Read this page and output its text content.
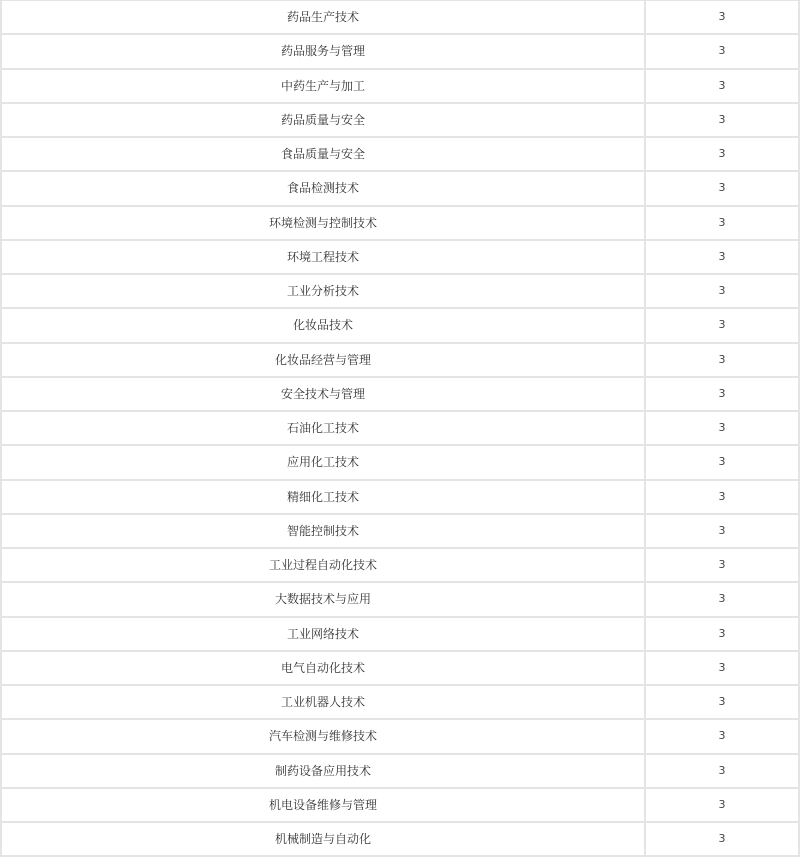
药品生产技术	3
药品服务与管理	3
中药生产与加工	3
药品质量与安全	3
食品质量与安全	3
食品检测技术	3
环境检测与控制技术	3
环境工程技术	3
工业分析技术	3
化妆品技术	3
化妆品经营与管理	3
安全技术与管理	3
石油化工技术	3
应用化工技术	3
精细化工技术	3
智能控制技术	3
工业过程自动化技术	3
大数据技术与应用	3
工业网络技术	3
电气自动化技术	3
工业机器人技术	3
汽车检测与维修技术	3
制药设备应用技术	3
机电设备维修与管理	3
机械制造与自动化	3
